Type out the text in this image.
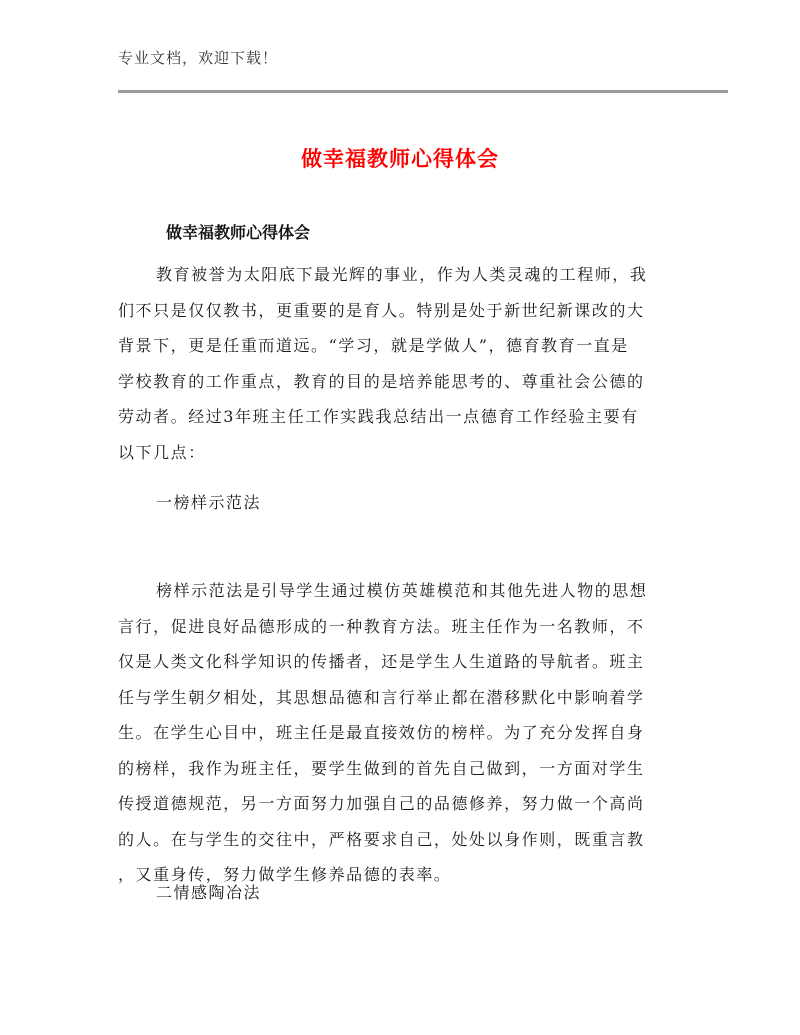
专业文档，欢迎下载！
做幸福教师心得体会
做幸福教师心得体会
教育被誉为太阳底下最光辉的事业，作为人类灵魂的工程师，我
们不只是仅仅教书，更重要的是育人。特别是处于新世纪新课改的大
背景下，更是任重而道远。“学习，就是学做人”，德育教育一直是
学校教育的工作重点，教育的目的是培养能思考的、尊重社会公德的
劳动者。经过3年班主任工作实践我总结出一点德育工作经验主要有
以下几点：
一榜样示范法
榜样示范法是引导学生通过模仿英雄模范和其他先进人物的思想
言行，促进良好品德形成的一种教育方法。班主任作为一名教师，不
仅是人类文化科学知识的传播者，还是学生人生道路的导航者。班主
任与学生朝夕相处，其思想品德和言行举止都在潜移默化中影响着学
生。在学生心目中，班主任是最直接效仿的榜样。为了充分发挥自身
的榜样，我作为班主任，要学生做到的首先自己做到，一方面对学生
传授道德规范，另一方面努力加强自己的品德修养，努力做一个高尚
的人。在与学生的交往中，严格要求自己，处处以身作则，既重言教
，又重身传，努力做学生修养品德的表率。
二情感陶冶法
